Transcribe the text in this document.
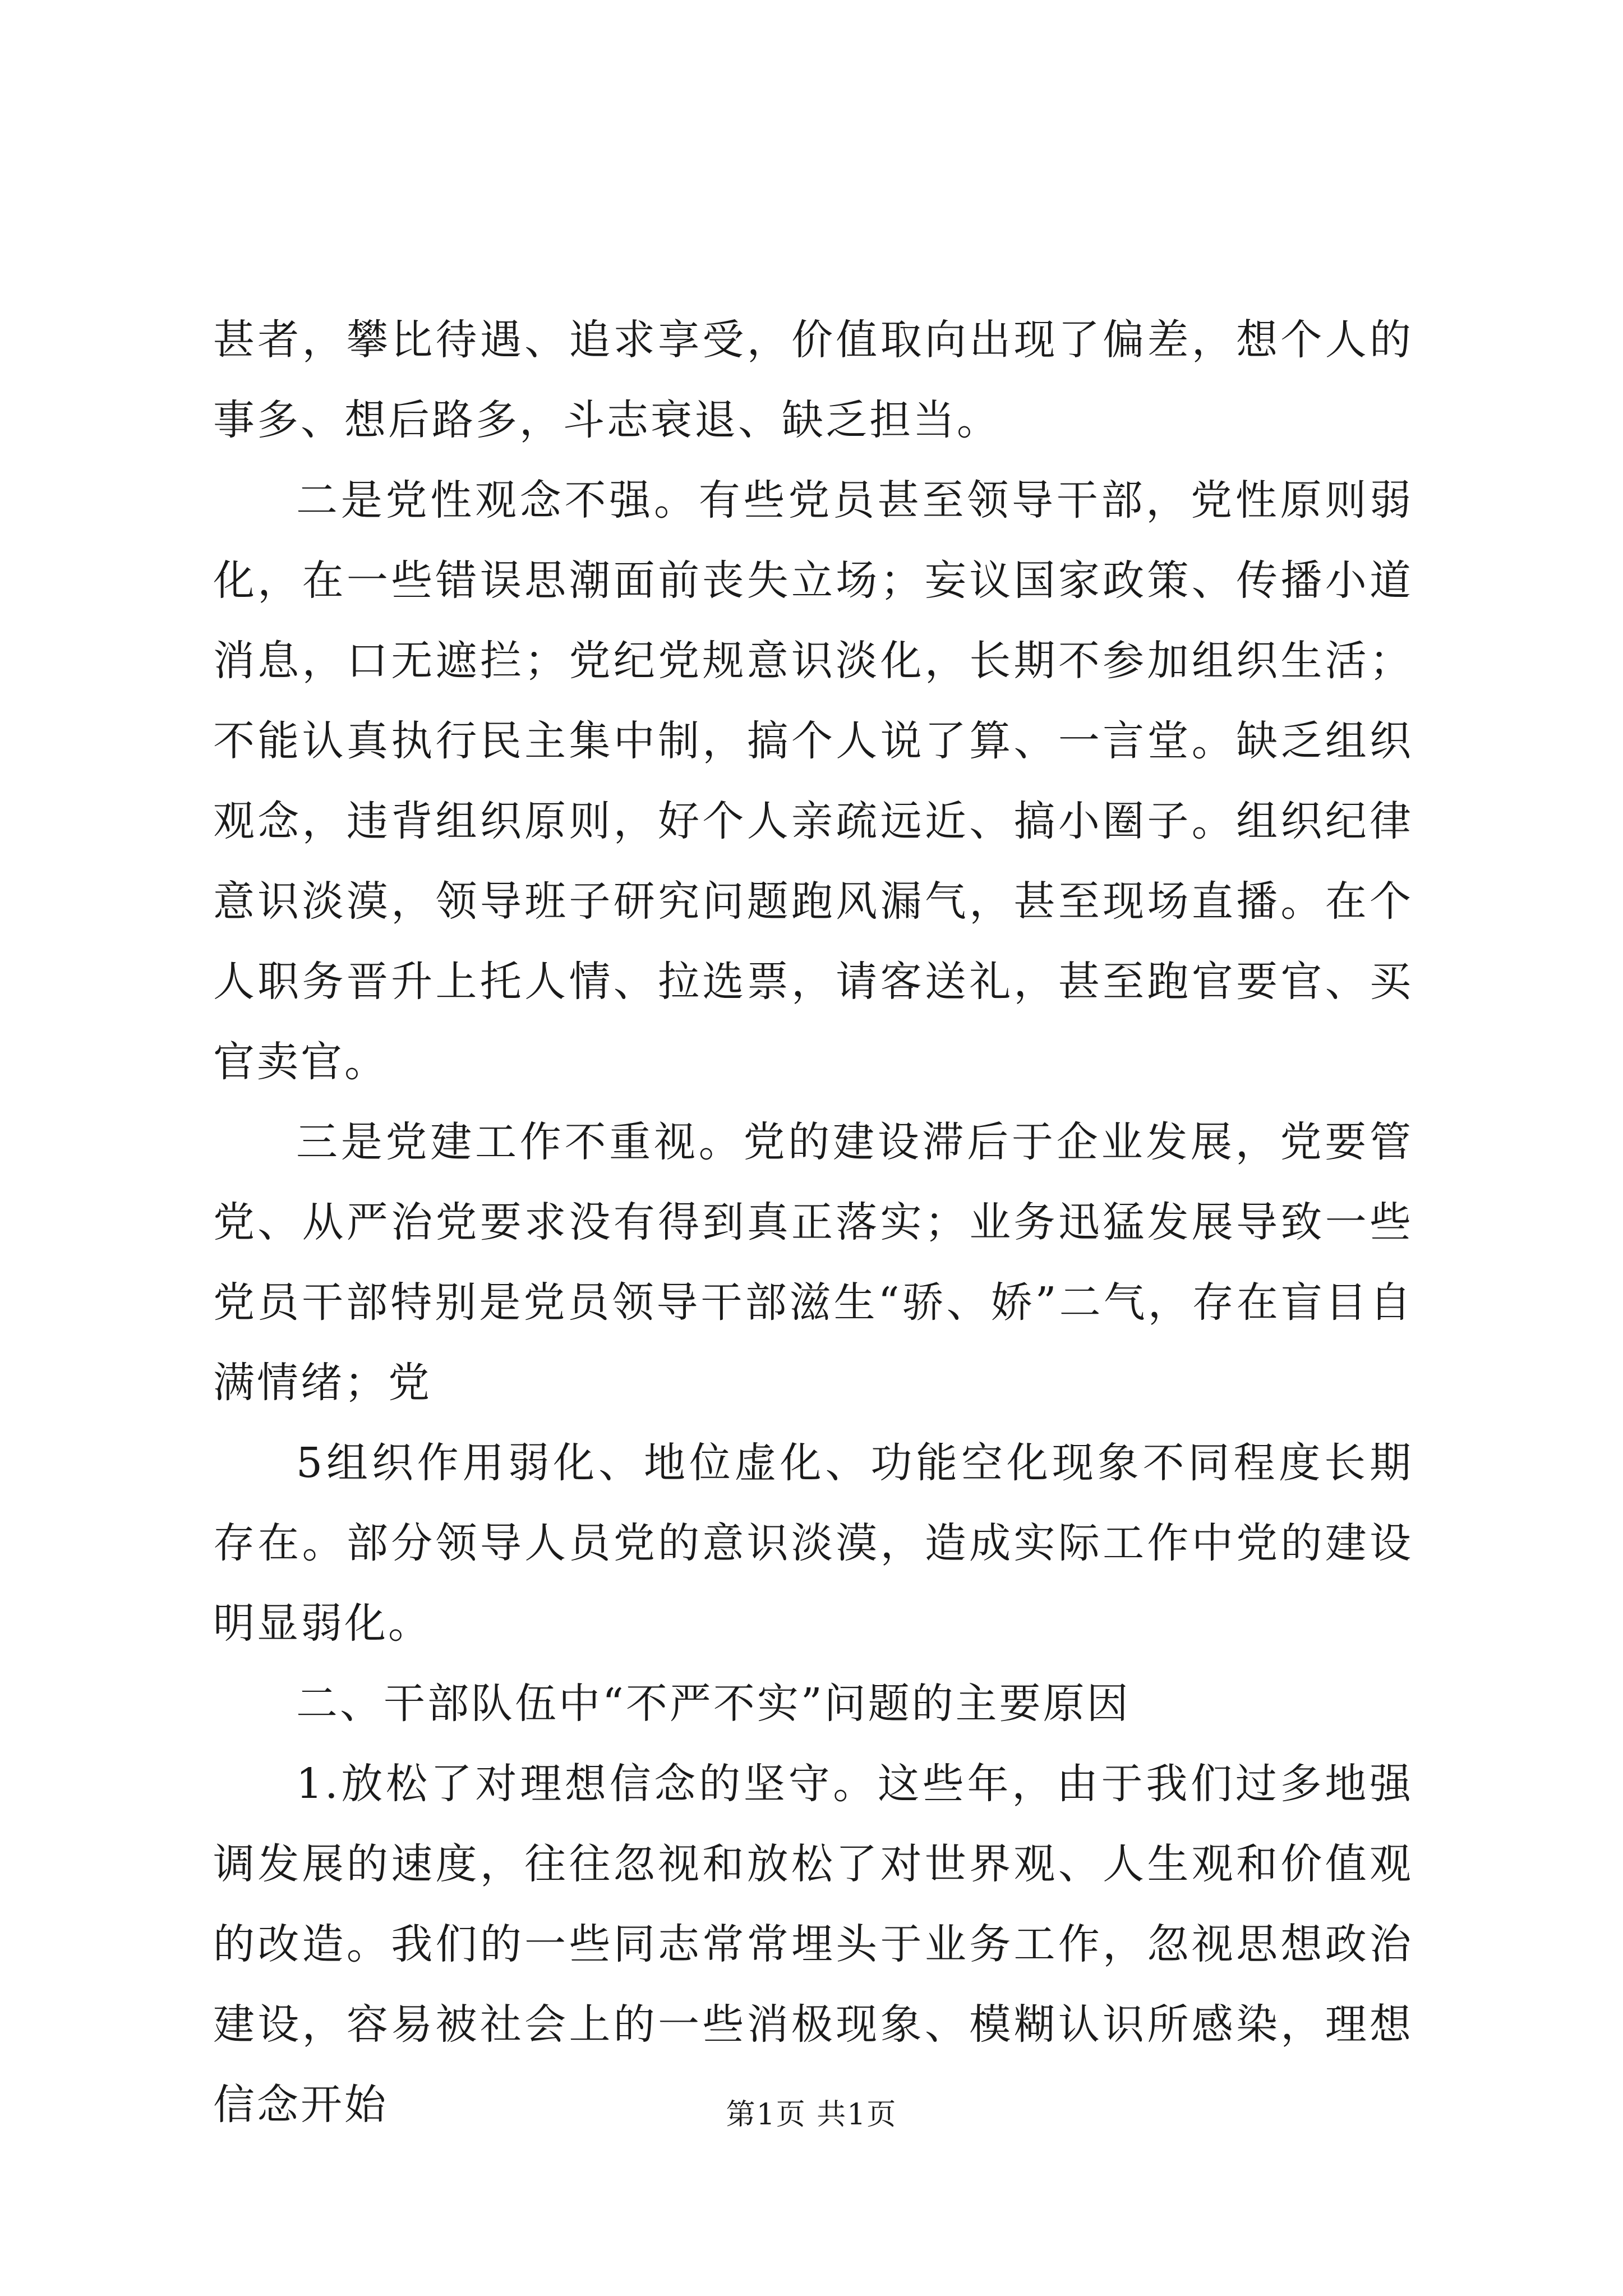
甚者，攀比待遇、追求享受，价值取向出现了偏差，想个人的事多、想后路多，斗志衰退、缺乏担当。

二是党性观念不强。有些党员甚至领导干部，党性原则弱化，在一些错误思潮面前丧失立场；妄议国家政策、传播小道消息，口无遮拦；党纪党规意识淡化，长期不参加组织生活；不能认真执行民主集中制，搞个人说了算、一言堂。缺乏组织观念，违背组织原则，好个人亲疏远近、搞小圈子。组织纪律意识淡漠，领导班子研究问题跑风漏气，甚至现场直播。在个人职务晋升上托人情、拉选票，请客送礼，甚至跑官要官、买官卖官。

三是党建工作不重视。党的建设滞后于企业发展，党要管党、从严治党要求没有得到真正落实；业务迅猛发展导致一些党员干部特别是党员领导干部滋生“骄、娇”二气，存在盲目自满情绪；党

5组织作用弱化、地位虚化、功能空化现象不同程度长期存在。部分领导人员党的意识淡漠，造成实际工作中党的建设明显弱化。

二、干部队伍中“不严不实”问题的主要原因

1.放松了对理想信念的坚守。这些年，由于我们过多地强调发展的速度，往往忽视和放松了对世界观、人生观和价值观的改造。我们的一些同志常常埋头于业务工作，忽视思想政治建设，容易被社会上的一些消极现象、模糊认识所感染，理想信念开始	第1页 共1页
